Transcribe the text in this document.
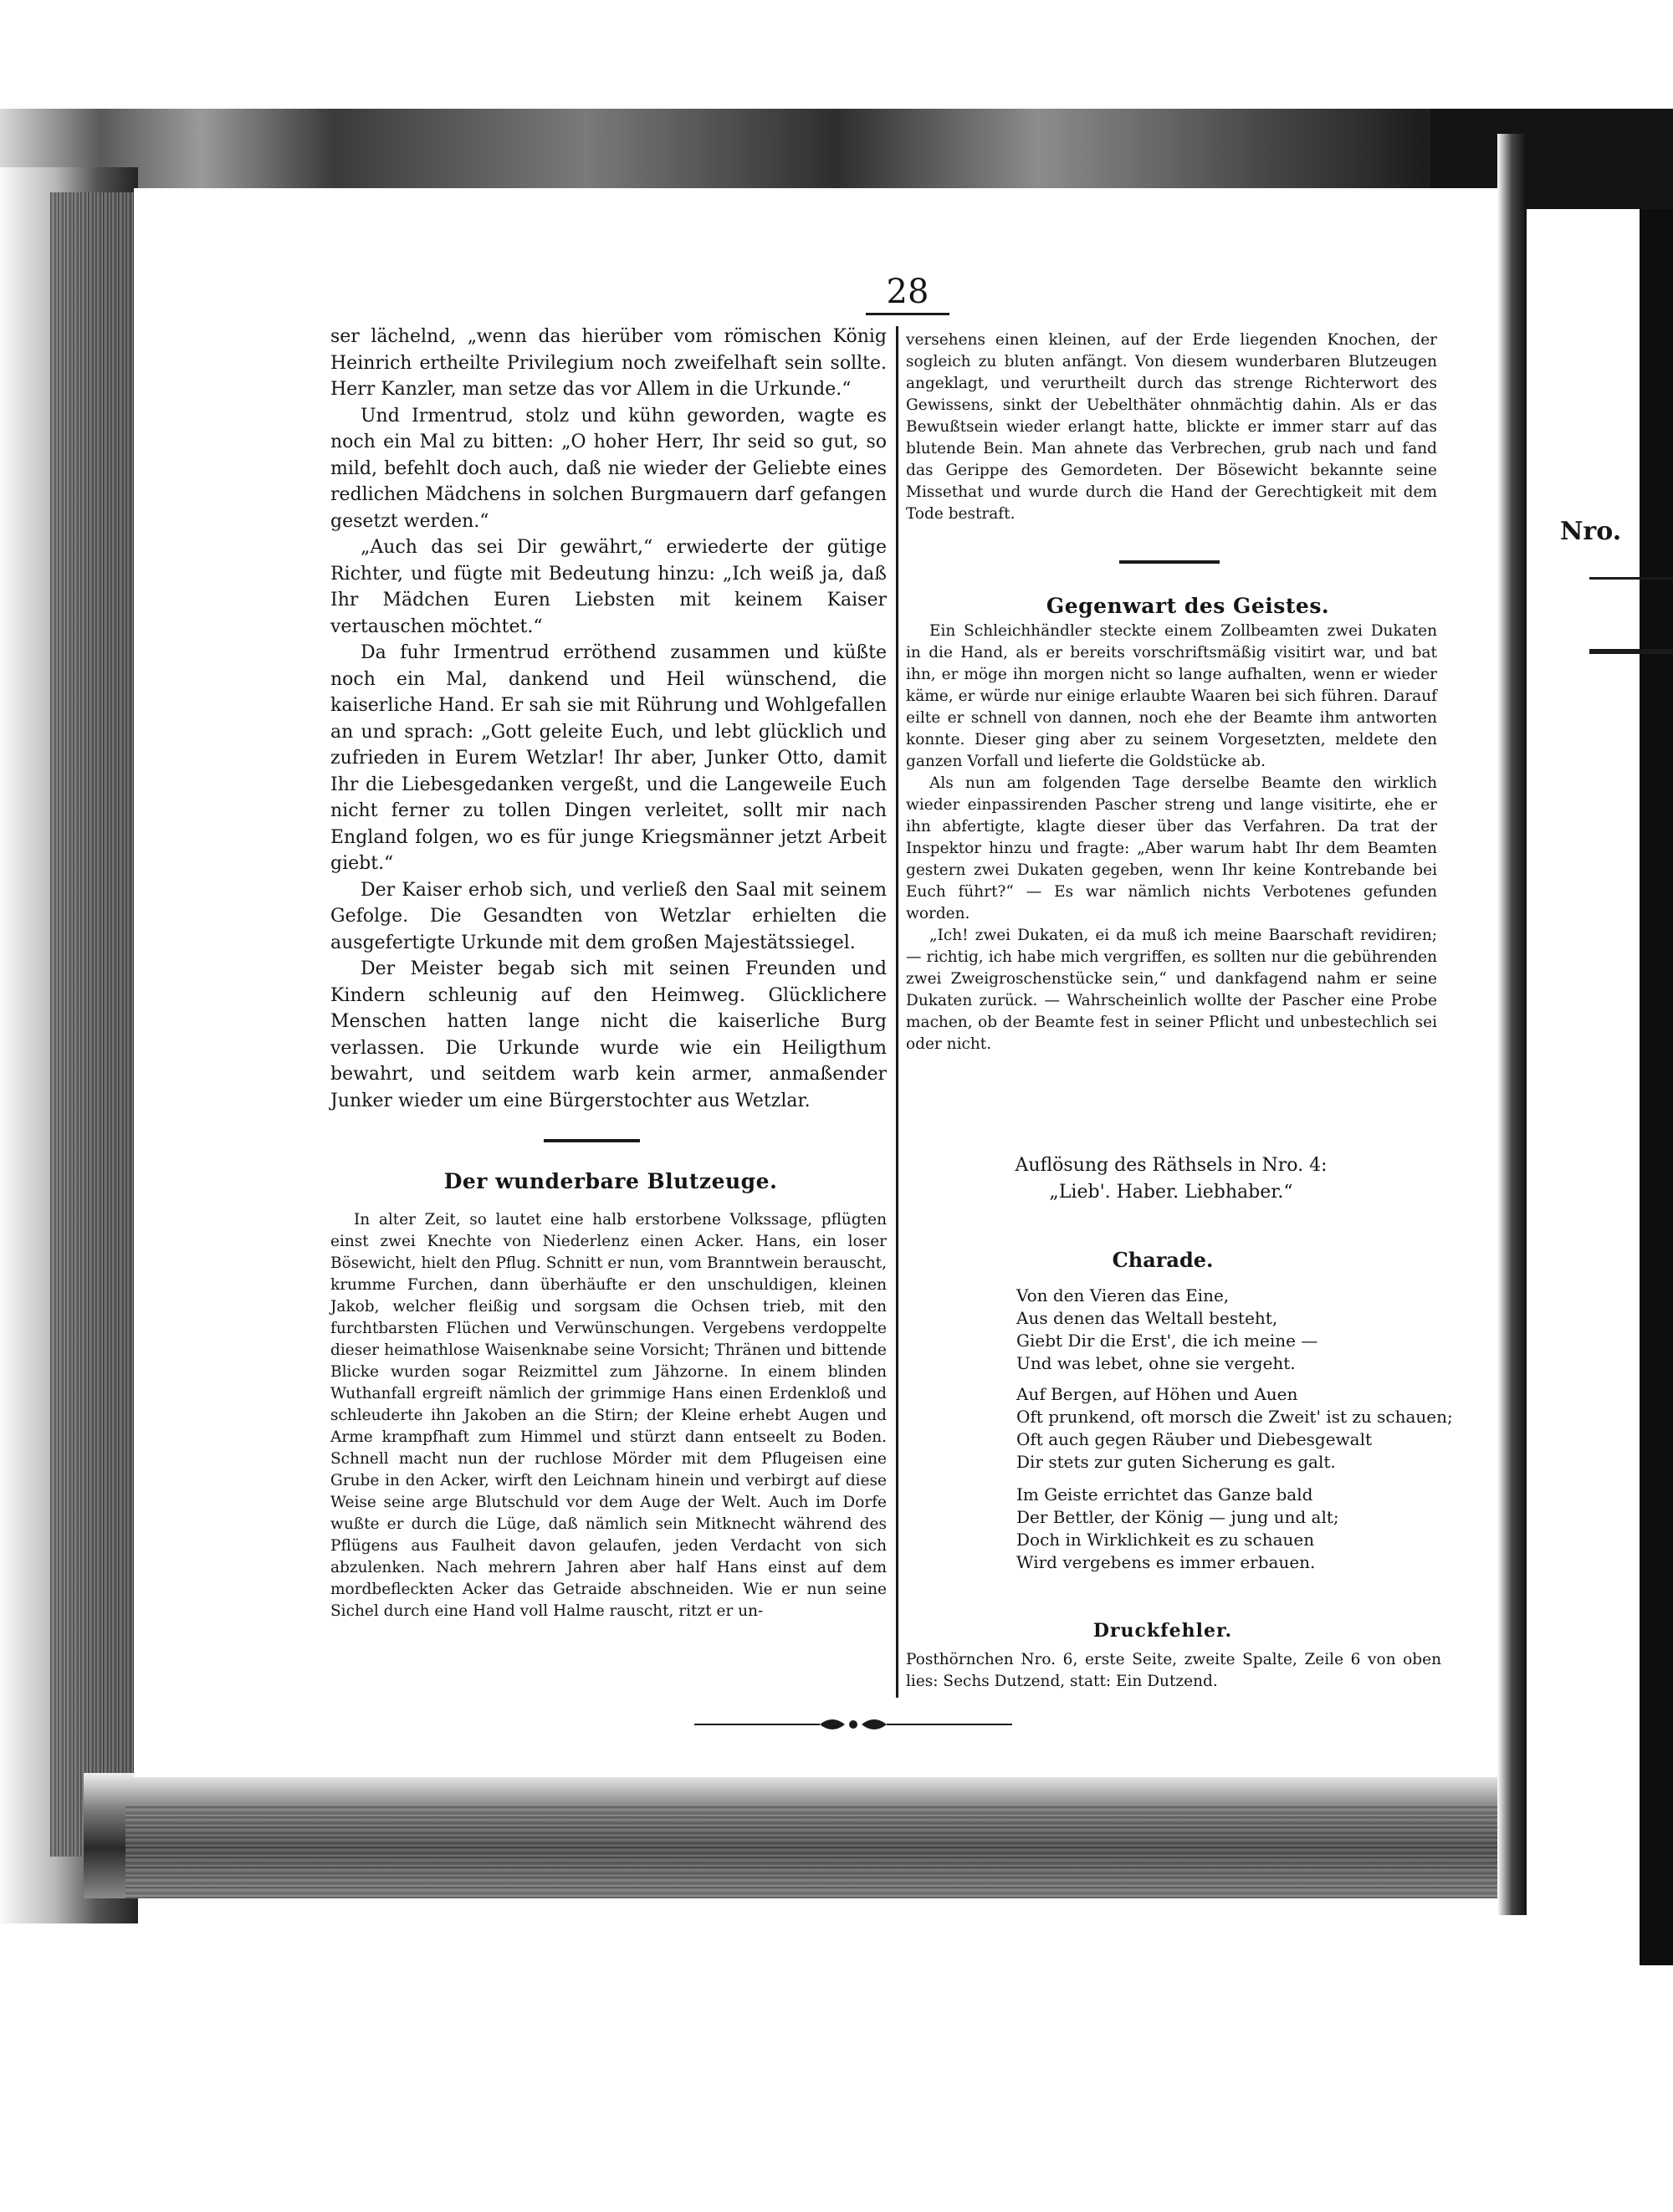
28

ser lächelnd, „wenn das hierüber vom römischen König Heinrich ertheilte Privilegium noch zweifelhaft sein sollte. Herr Kanzler, man setze das vor Allem in die Urkunde.“

Und Irmentrud, stolz und kühn geworden, wagte es noch ein Mal zu bitten: „O hoher Herr, Ihr seid so gut, so mild, befehlt doch auch, daß nie wieder der Geliebte eines redlichen Mädchens in solchen Burgmauern darf gefangen gesetzt werden.“

„Auch das sei Dir gewährt,“ erwiederte der gütige Richter, und fügte mit Bedeutung hinzu: „Ich weiß ja, daß Ihr Mädchen Euren Liebsten mit keinem Kaiser vertauschen möchtet.“

Da fuhr Irmentrud erröthend zusammen und küßte noch ein Mal, dankend und Heil wünschend, die kaiserliche Hand. Er sah sie mit Rührung und Wohlgefallen an und sprach: „Gott geleite Euch, und lebt glücklich und zufrieden in Eurem Wetzlar! Ihr aber, Junker Otto, damit Ihr die Liebesgedanken vergeßt, und die Langeweile Euch nicht ferner zu tollen Dingen verleitet, sollt mir nach England folgen, wo es für junge Kriegsmänner jetzt Arbeit giebt.“

Der Kaiser erhob sich, und verließ den Saal mit seinem Gefolge. Die Gesandten von Wetzlar erhielten die ausgefertigte Urkunde mit dem großen Majestätssiegel.

Der Meister begab sich mit seinen Freunden und Kindern schleunig auf den Heimweg. Glücklichere Menschen hatten lange nicht die kaiserliche Burg verlassen. Die Urkunde wurde wie ein Heiligthum bewahrt, und seitdem warb kein armer, anmaßender Junker wieder um eine Bürgerstochter aus Wetzlar.

Der wunderbare Blutzeuge.

In alter Zeit, so lautet eine halb erstorbene Volkssage, pflügten einst zwei Knechte von Niederlenz einen Acker. Hans, ein loser Bösewicht, hielt den Pflug. Schnitt er nun, vom Branntwein berauscht, krumme Furchen, dann überhäufte er den unschuldigen, kleinen Jakob, welcher fleißig und sorgsam die Ochsen trieb, mit den furchtbarsten Flüchen und Verwünschungen. Vergebens verdoppelte dieser heimathlose Waisenknabe seine Vorsicht; Thränen und bittende Blicke wurden sogar Reizmittel zum Jähzorne. In einem blinden Wuthanfall ergreift nämlich der grimmige Hans einen Erdenkloß und schleuderte ihn Jakoben an die Stirn; der Kleine erhebt Augen und Arme krampfhaft zum Himmel und stürzt dann entseelt zu Boden. Schnell macht nun der ruchlose Mörder mit dem Pflugeisen eine Grube in den Acker, wirft den Leichnam hinein und verbirgt auf diese Weise seine arge Blutschuld vor dem Auge der Welt. Auch im Dorfe wußte er durch die Lüge, daß nämlich sein Mitknecht während des Pflügens aus Faulheit davon gelaufen, jeden Verdacht von sich abzulenken. Nach mehrern Jahren aber half Hans einst auf dem mordbefleckten Acker das Getraide abschneiden. Wie er nun seine Sichel durch eine Hand voll Halme rauscht, ritzt er un-

versehens einen kleinen, auf der Erde liegenden Knochen, der sogleich zu bluten anfängt. Von diesem wunderbaren Blutzeugen angeklagt, und verurtheilt durch das strenge Richterwort des Gewissens, sinkt der Uebelthäter ohnmächtig dahin. Als er das Bewußtsein wieder erlangt hatte, blickte er immer starr auf das blutende Bein. Man ahnete das Verbrechen, grub nach und fand das Gerippe des Gemordeten. Der Bösewicht bekannte seine Missethat und wurde durch die Hand der Gerechtigkeit mit dem Tode bestraft.

Gegenwart des Geistes.

Ein Schleichhändler steckte einem Zollbeamten zwei Dukaten in die Hand, als er bereits vorschriftsmäßig visitirt war, und bat ihn, er möge ihn morgen nicht so lange aufhalten, wenn er wieder käme, er würde nur einige erlaubte Waaren bei sich führen. Darauf eilte er schnell von dannen, noch ehe der Beamte ihm antworten konnte. Dieser ging aber zu seinem Vorgesetzten, meldete den ganzen Vorfall und lieferte die Goldstücke ab.

Als nun am folgenden Tage derselbe Beamte den wirklich wieder einpassirenden Pascher streng und lange visitirte, ehe er ihn abfertigte, klagte dieser über das Verfahren. Da trat der Inspektor hinzu und fragte: „Aber warum habt Ihr dem Beamten gestern zwei Dukaten gegeben, wenn Ihr keine Kontrebande bei Euch führt?“ — Es war nämlich nichts Verbotenes gefunden worden.

„Ich! zwei Dukaten, ei da muß ich meine Baarschaft revidiren; — richtig, ich habe mich vergriffen, es sollten nur die gebührenden zwei Zweigroschenstücke sein,“ und dankfagend nahm er seine Dukaten zurück. — Wahrscheinlich wollte der Pascher eine Probe machen, ob der Beamte fest in seiner Pflicht und unbestechlich sei oder nicht.

Auflösung des Räthsels in Nro. 4:
„Lieb'. Haber. Liebhaber.“
Charade.
Von den Vieren das Eine,
Aus denen das Weltall besteht,
Giebt Dir die Erst', die ich meine —
Und was lebet, ohne sie vergeht.
Auf Bergen, auf Höhen und Auen
Oft prunkend, oft morsch die Zweit' ist zu schauen;
Oft auch gegen Räuber und Diebesgewalt
Dir stets zur guten Sicherung es galt.
Im Geiste errichtet das Ganze bald
Der Bettler, der König — jung und alt;
Doch in Wirklichkeit es zu schauen
Wird vergebens es immer erbauen.
Druckfehler.
Posthörnchen Nro. 6, erste Seite, zweite Spalte, Zeile 6 von oben lies: Sechs Dutzend, statt: Ein Dutzend.
Nro.
